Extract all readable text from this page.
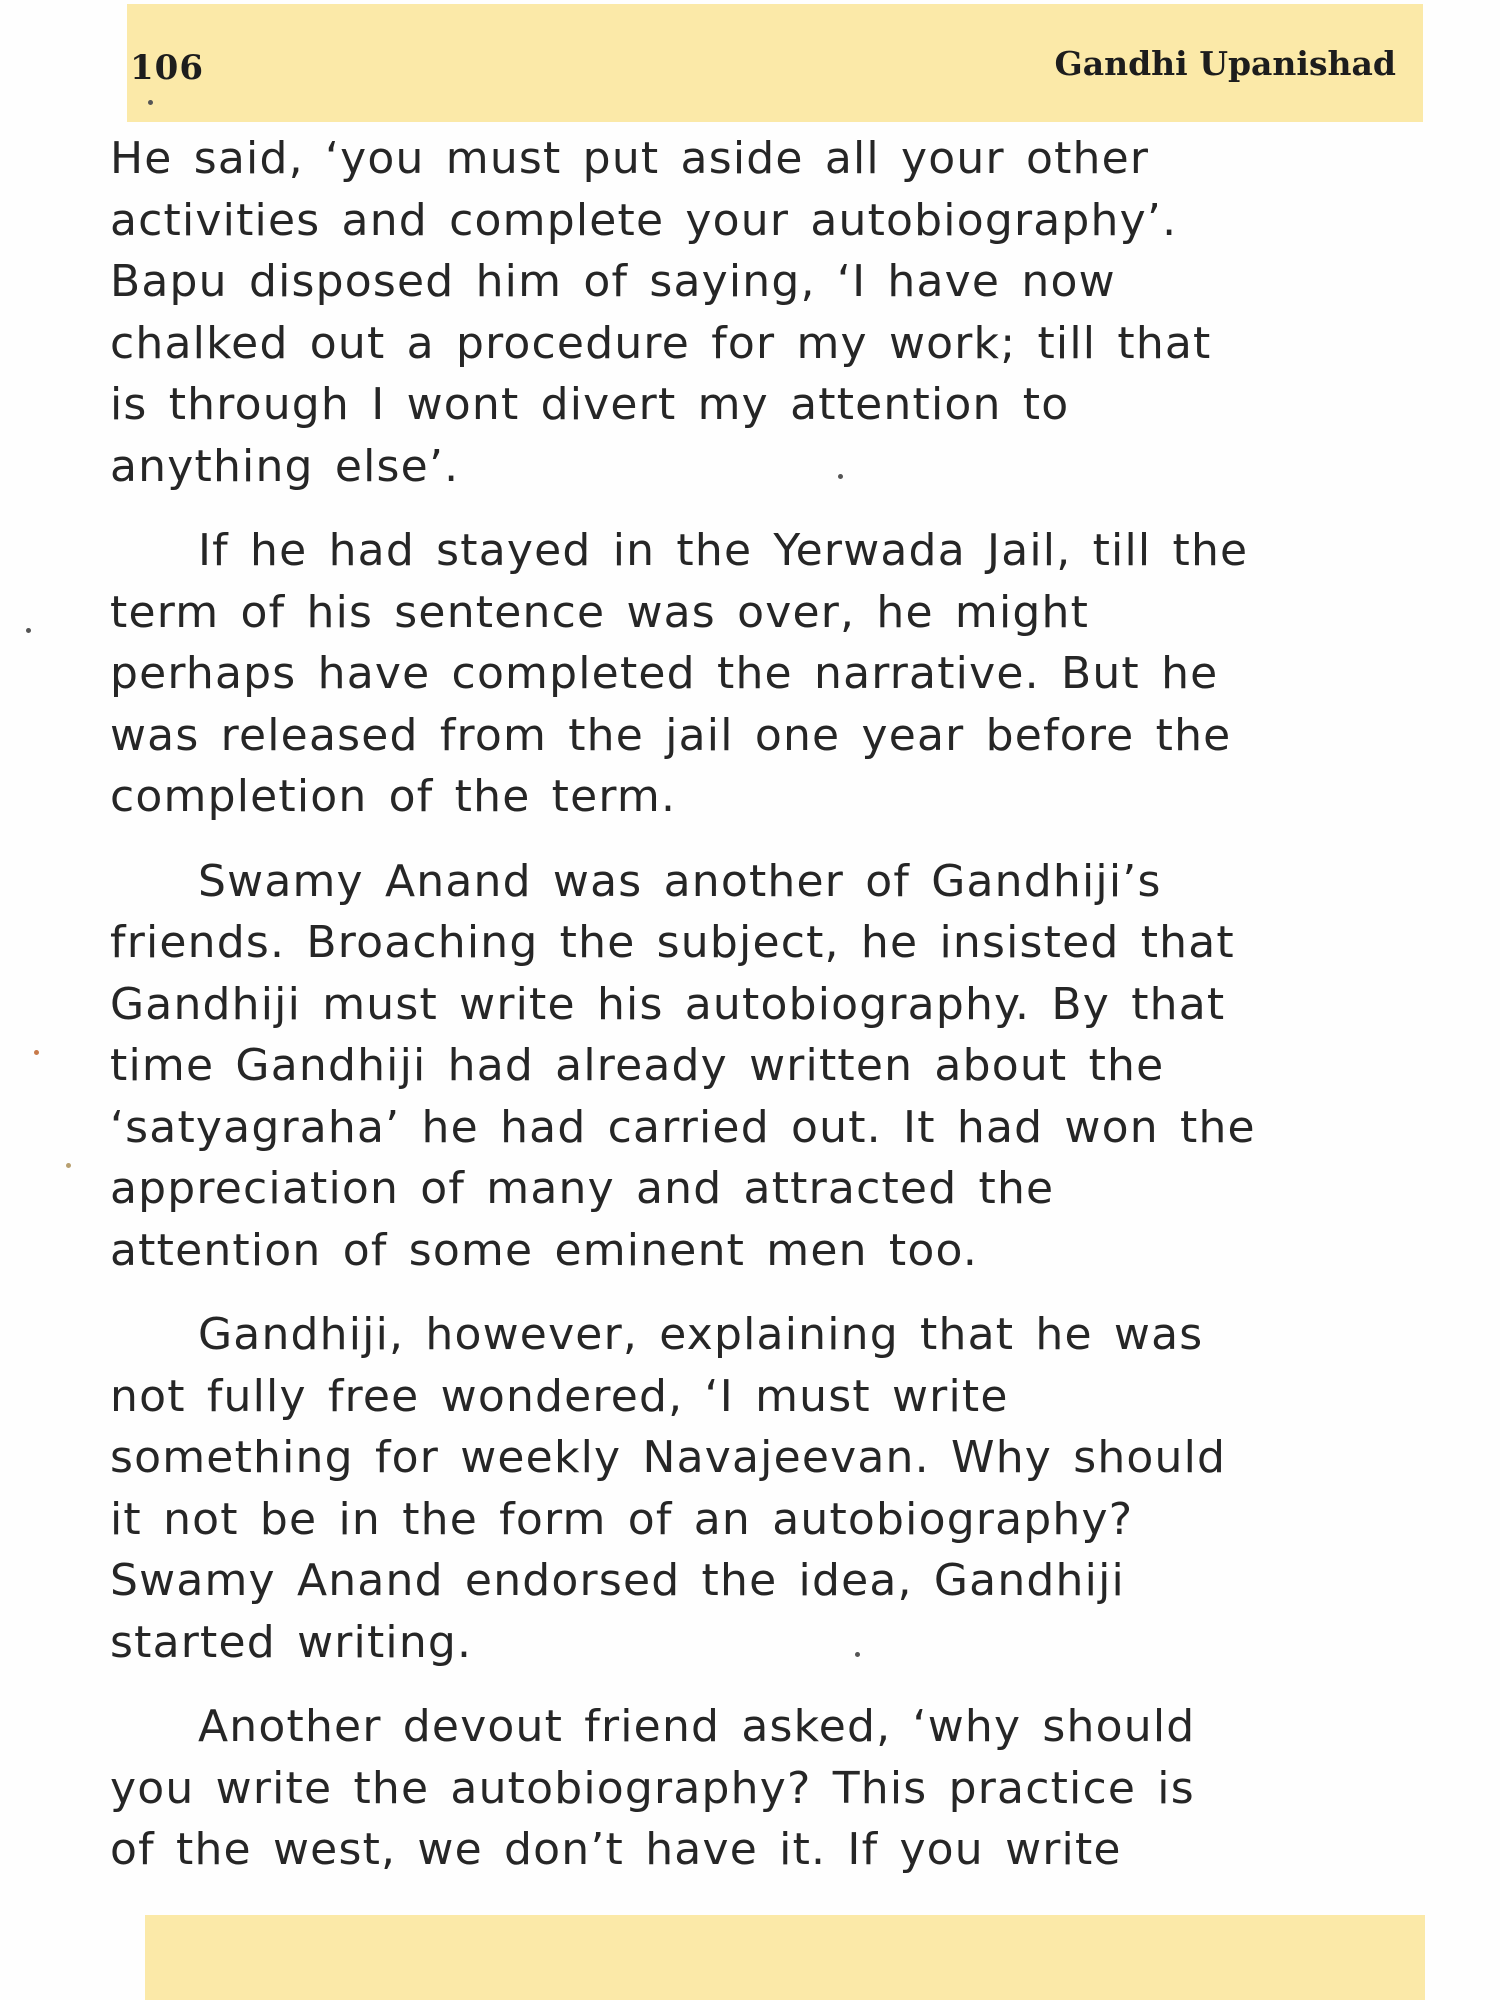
106	Gandhi Upanishad
He said, ‘you must put aside all your other
activities and complete your autobiography’.
Bapu disposed him of saying, ‘I have now
chalked out a procedure for my work; till that
is through I wont divert my attention to
anything else’.
If he had stayed in the Yerwada Jail, till the
term of his sentence was over, he might
perhaps have completed the narrative. But he
was released from the jail one year before the
completion of the term.
Swamy Anand was another of Gandhiji’s
friends. Broaching the subject, he insisted that
Gandhiji must write his autobiography. By that
time Gandhiji had already written about the
‘satyagraha’ he had carried out. It had won the
appreciation of many and attracted the
attention of some eminent men too.
Gandhiji, however, explaining that he was
not fully free wondered, ‘I must write
something for weekly Navajeevan. Why should
it not be in the form of an autobiography?
Swamy Anand endorsed the idea, Gandhiji
started writing.
Another devout friend asked, ‘why should
you write the autobiography? This practice is
of the west, we don’t have it. If you write
